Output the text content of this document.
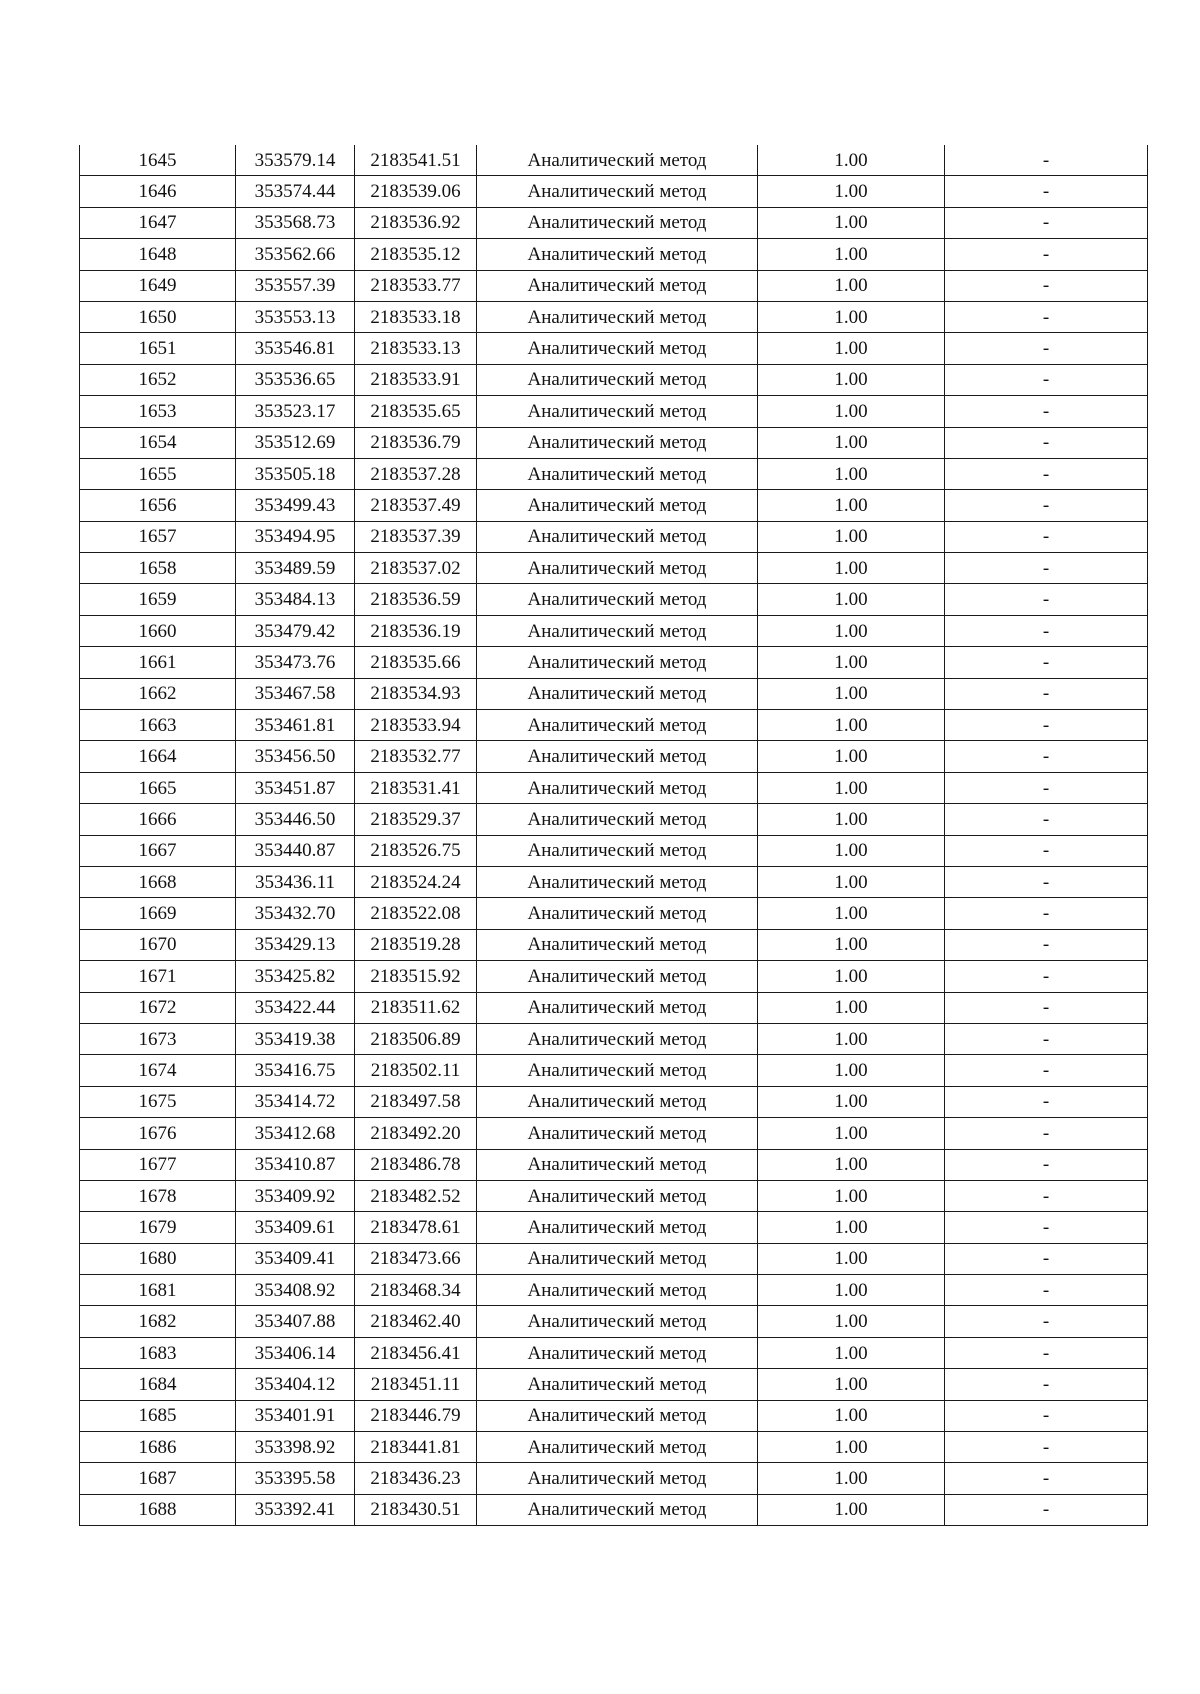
1645	353579.14	2183541.51	Аналитический метод	1.00	-
1646	353574.44	2183539.06	Аналитический метод	1.00	-
1647	353568.73	2183536.92	Аналитический метод	1.00	-
1648	353562.66	2183535.12	Аналитический метод	1.00	-
1649	353557.39	2183533.77	Аналитический метод	1.00	-
1650	353553.13	2183533.18	Аналитический метод	1.00	-
1651	353546.81	2183533.13	Аналитический метод	1.00	-
1652	353536.65	2183533.91	Аналитический метод	1.00	-
1653	353523.17	2183535.65	Аналитический метод	1.00	-
1654	353512.69	2183536.79	Аналитический метод	1.00	-
1655	353505.18	2183537.28	Аналитический метод	1.00	-
1656	353499.43	2183537.49	Аналитический метод	1.00	-
1657	353494.95	2183537.39	Аналитический метод	1.00	-
1658	353489.59	2183537.02	Аналитический метод	1.00	-
1659	353484.13	2183536.59	Аналитический метод	1.00	-
1660	353479.42	2183536.19	Аналитический метод	1.00	-
1661	353473.76	2183535.66	Аналитический метод	1.00	-
1662	353467.58	2183534.93	Аналитический метод	1.00	-
1663	353461.81	2183533.94	Аналитический метод	1.00	-
1664	353456.50	2183532.77	Аналитический метод	1.00	-
1665	353451.87	2183531.41	Аналитический метод	1.00	-
1666	353446.50	2183529.37	Аналитический метод	1.00	-
1667	353440.87	2183526.75	Аналитический метод	1.00	-
1668	353436.11	2183524.24	Аналитический метод	1.00	-
1669	353432.70	2183522.08	Аналитический метод	1.00	-
1670	353429.13	2183519.28	Аналитический метод	1.00	-
1671	353425.82	2183515.92	Аналитический метод	1.00	-
1672	353422.44	2183511.62	Аналитический метод	1.00	-
1673	353419.38	2183506.89	Аналитический метод	1.00	-
1674	353416.75	2183502.11	Аналитический метод	1.00	-
1675	353414.72	2183497.58	Аналитический метод	1.00	-
1676	353412.68	2183492.20	Аналитический метод	1.00	-
1677	353410.87	2183486.78	Аналитический метод	1.00	-
1678	353409.92	2183482.52	Аналитический метод	1.00	-
1679	353409.61	2183478.61	Аналитический метод	1.00	-
1680	353409.41	2183473.66	Аналитический метод	1.00	-
1681	353408.92	2183468.34	Аналитический метод	1.00	-
1682	353407.88	2183462.40	Аналитический метод	1.00	-
1683	353406.14	2183456.41	Аналитический метод	1.00	-
1684	353404.12	2183451.11	Аналитический метод	1.00	-
1685	353401.91	2183446.79	Аналитический метод	1.00	-
1686	353398.92	2183441.81	Аналитический метод	1.00	-
1687	353395.58	2183436.23	Аналитический метод	1.00	-
1688	353392.41	2183430.51	Аналитический метод	1.00	-
